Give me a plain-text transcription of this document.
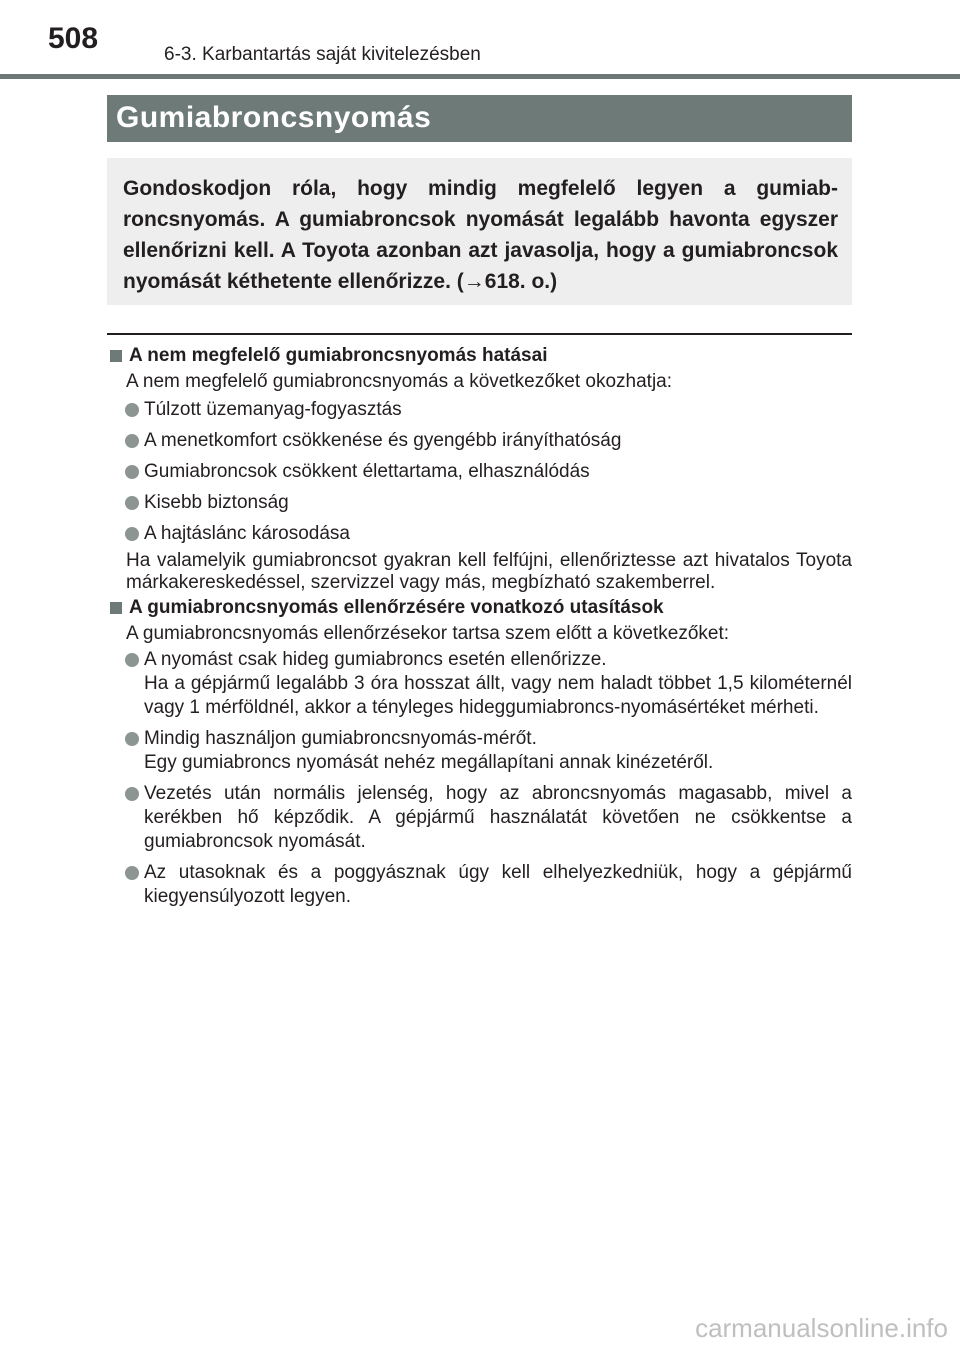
508	6-3. Karbantartás saját kivitelezésben
Gumiabroncsnyomás

Gondoskodjon róla, hogy mindig megfelelő legyen a gumiabroncsnyomás. A gumiabroncsok nyomását legalább havonta egyszer ellenőrizni kell. A Toyota azonban azt javasolja, hogy a gumiabroncsok nyomását kéthetente ellenőrizze. (→618. o.)

A nem megfelelő gumiabroncsnyomás hatásai

A nem megfelelő gumiabroncsnyomás a következőket okozhatja:

Túlzott üzemanyag-fogyasztás

A menetkomfort csökkenése és gyengébb irányíthatóság

Gumiabroncsok csökkent élettartama, elhasználódás

Kisebb biztonság

A hajtáslánc károsodása

Ha valamelyik gumiabroncsot gyakran kell felfújni, ellenőriztesse azt hivatalos Toyota márkakereskedéssel, szervizzel vagy más, megbízható szakemberrel.

A gumiabroncsnyomás ellenőrzésére vonatkozó utasítások

A gumiabroncsnyomás ellenőrzésekor tartsa szem előtt a következőket:

A nyomást csak hideg gumiabroncs esetén ellenőrizze.
Ha a gépjármű legalább 3 óra hosszat állt, vagy nem haladt többet 1,5 kilométernél vagy 1 mérföldnél, akkor a tényleges hideggumiabroncs-nyomásértéket mérheti.

Mindig használjon gumiabroncsnyomás-mérőt.
Egy gumiabroncs nyomását nehéz megállapítani annak kinézetéről.

Vezetés után normális jelenség, hogy az abroncsnyomás magasabb, mivel a kerékben hő képződik. A gépjármű használatát követően ne csökkentse a gumiabroncsok nyomását.

Az utasoknak és a poggyásznak úgy kell elhelyezkedniük, hogy a gépjármű kiegyensúlyozott legyen.

carmanualsonline.info
